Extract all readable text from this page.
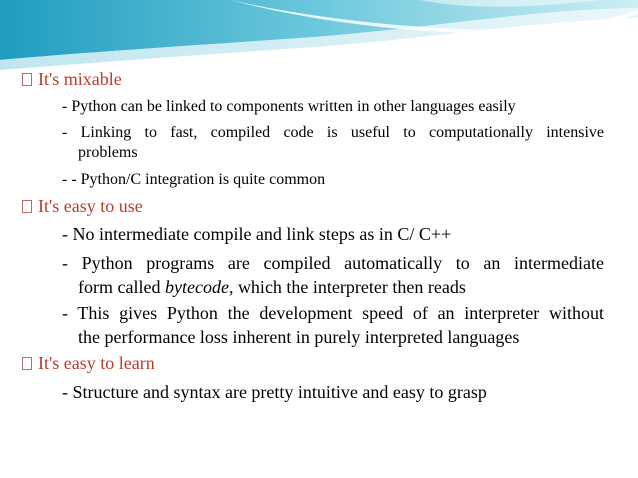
It's mixable
- Python can be linked to components written in other languages easily
- Linking to fast, compiled code is useful to computationally intensive
problems
- - Python/C integration is quite common
It's easy to use
- No intermediate compile and link steps as in C/ C++
- Python programs are compiled automatically to an intermediate
form called bytecode, which the interpreter then reads
- This gives Python the development speed of an interpreter without
the performance loss inherent in purely interpreted languages
It's easy to learn
- Structure and syntax are pretty intuitive and easy to grasp
